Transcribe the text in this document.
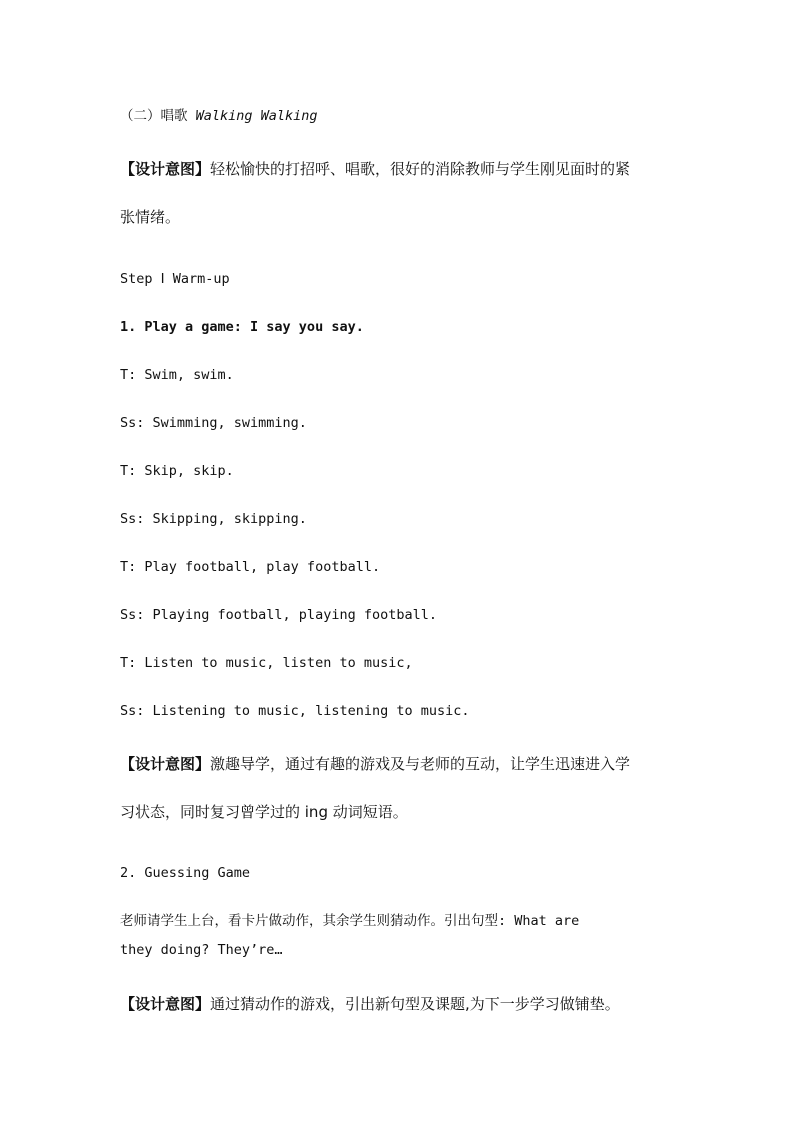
（二）唱歌 Walking Walking
【设计意图】轻松愉快的打招呼、唱歌，很好的消除教师与学生刚见面时的紧
张情绪。
Step Ⅰ Warm-up
1. Play a game: I say you say.
T: Swim, swim.
Ss: Swimming, swimming.
T: Skip, skip.
Ss: Skipping, skipping.
T: Play football, play football.
Ss: Playing football, playing football.
T: Listen to music, listen to music,
Ss: Listening to music, listening to music.
【设计意图】激趣导学，通过有趣的游戏及与老师的互动，让学生迅速进入学
习状态，同时复习曾学过的 ing 动词短语。
2. Guessing Game
老师请学生上台，看卡片做动作，其余学生则猜动作。引出句型: What are
they doing? They’re…
【设计意图】通过猜动作的游戏，引出新句型及课题,为下一步学习做铺垫。
